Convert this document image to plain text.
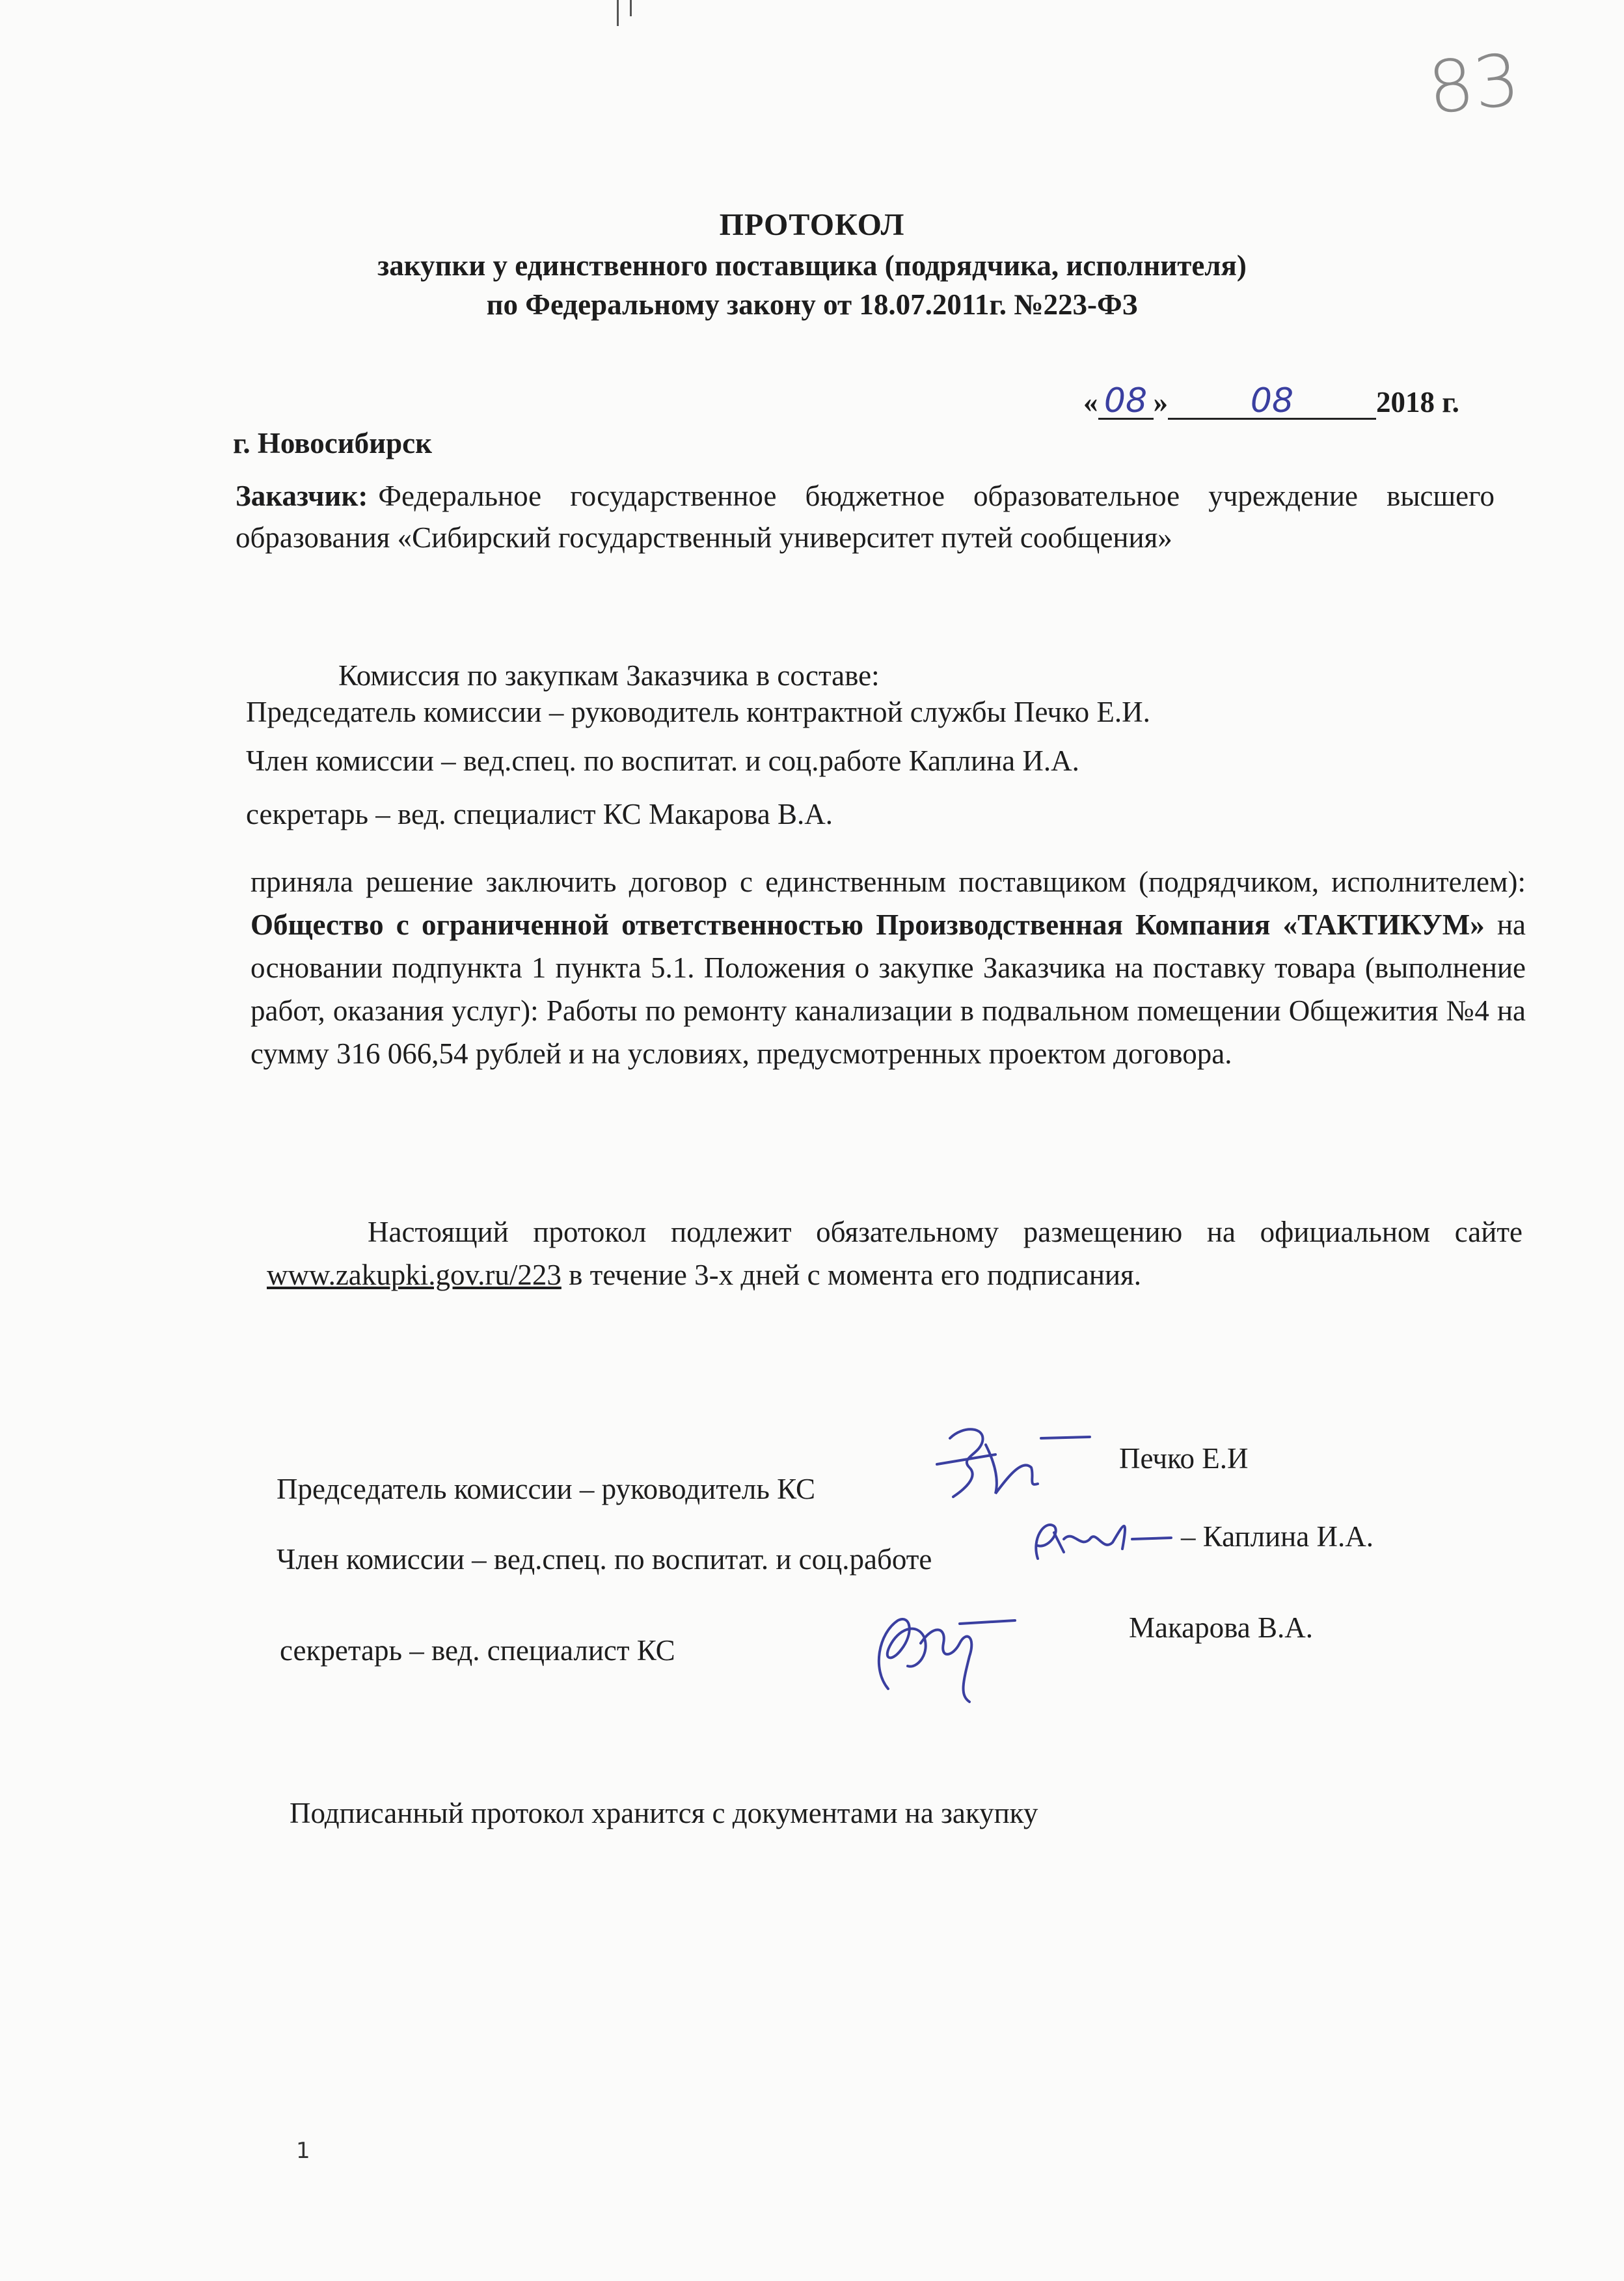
83
ПРОТОКОЛ
закупки у единственного поставщика (подрядчика, исполнителя)
по Федеральному закону от 18.07.2011г. №223-ФЗ
« 08 » 08	2018 г.
г. Новосибирск
Заказчик: Федеральное государственное бюджетное образовательное учреждение высшего образования «Сибирский государственный университет путей сообщения»
Комиссия по закупкам Заказчика в составе:
Председатель комиссии – руководитель контрактной службы Печко Е.И.
Член комиссии – вед.спец. по воспитат. и соц.работе Каплина И.А.
секретарь – вед. специалист КС Макарова В.А.
приняла решение заключить договор с единственным поставщиком (подрядчиком, исполнителем): Общество с ограниченной ответственностью Производственная Компания «ТАКТИКУМ» на основании подпункта 1 пункта 5.1. Положения о закупке Заказчика на поставку товара (выполнение работ, оказания услуг): Работы по ремонту канализации в подвальном помещении Общежития №4 на сумму 316 066,54 рублей и на условиях, предусмотренных проектом договора.
Настоящий протокол подлежит обязательному размещению на официальном сайте www.zakupki.gov.ru/223 в течение 3-х дней с момента его подписания.
Председатель комиссии – руководитель КС
Печко Е.И
Член комиссии – вед.спец. по воспитат. и соц.работе
– Каплина И.А.
секретарь – вед. специалист КС
Макарова В.А.
Подписанный протокол хранится с документами на закупку
1
